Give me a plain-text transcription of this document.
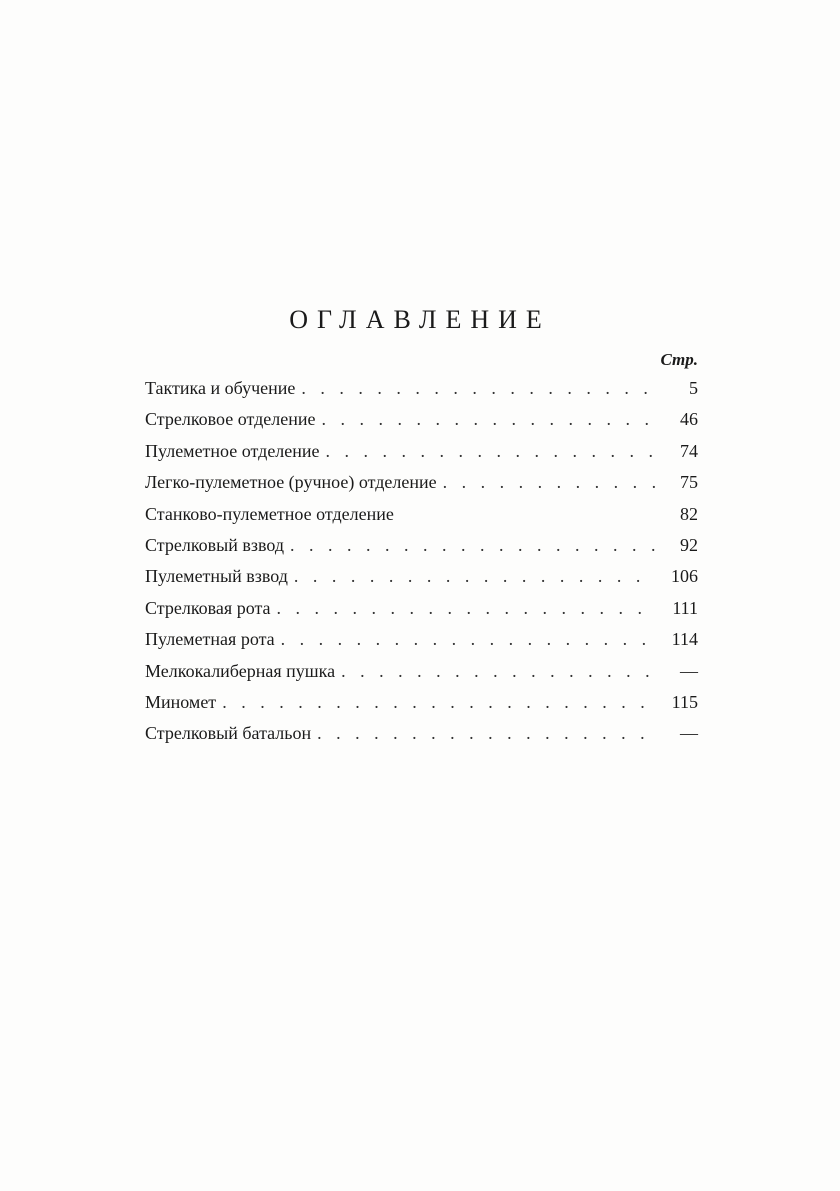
ОГЛАВЛЕНИЕ
Стр.
Тактика и обучение . . .	5
Стрелковое отделение . . .	46
Пулеметное отделение . . .	74
Легко-пулеметное (ручное) отделение . . .	75
Станково-пулеметное отделение	82
Стрелковый взвод . . .	92
Пулеметный взвод . . .	106
Стрелковая рота . . .	111
Пулеметная рота . . .	114
Мелкокалиберная пушка . . .	—
Миномет . . .	115
Стрелковый батальон . . .	—
